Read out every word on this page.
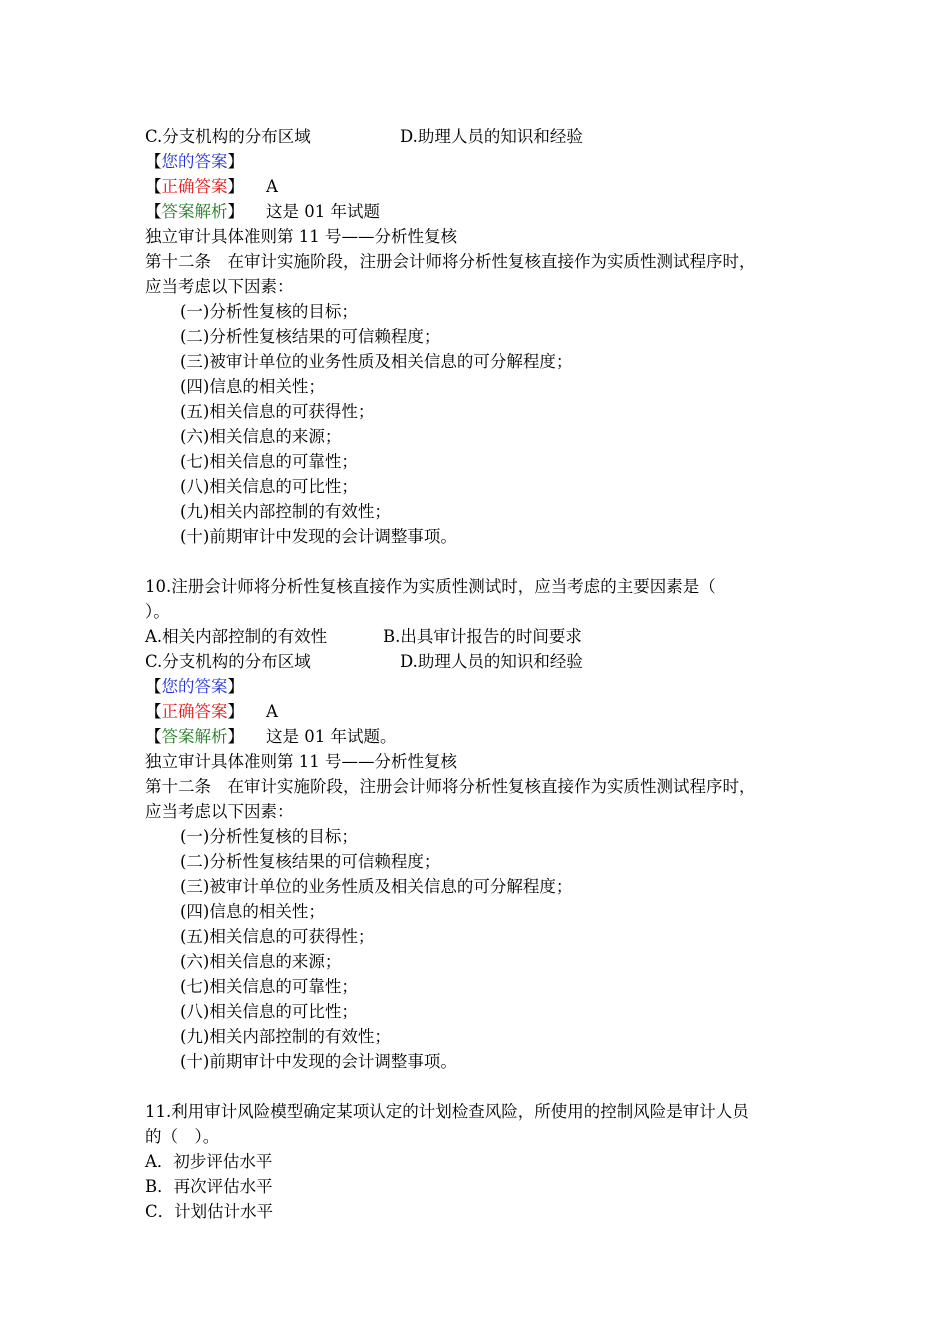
C.分支机构的分布区域	D.助理人员的知识和经验
【您的答案】
【正确答案】 A
【答案解析】 这是 01 年试题
独立审计具体准则第 11 号——分析性复核
第十二条　在审计实施阶段，注册会计师将分析性复核直接作为实质性测试程序时，
应当考虑以下因素：
(一)分析性复核的目标；
(二)分析性复核结果的可信赖程度；
(三)被审计单位的业务性质及相关信息的可分解程度；
(四)信息的相关性；
(五)相关信息的可获得性；
(六)相关信息的来源；
(七)相关信息的可靠性；
(八)相关信息的可比性；
(九)相关内部控制的有效性；
(十)前期审计中发现的会计调整事项。
10.注册会计师将分析性复核直接作为实质性测试时，应当考虑的主要因素是（
）。
A.相关内部控制的有效性	B.出具审计报告的时间要求
C.分支机构的分布区域	D.助理人员的知识和经验
【您的答案】
【正确答案】 A
【答案解析】 这是 01 年试题。
独立审计具体准则第 11 号——分析性复核
第十二条　在审计实施阶段，注册会计师将分析性复核直接作为实质性测试程序时，
应当考虑以下因素：
(一)分析性复核的目标；
(二)分析性复核结果的可信赖程度；
(三)被审计单位的业务性质及相关信息的可分解程度；
(四)信息的相关性；
(五)相关信息的可获得性；
(六)相关信息的来源；
(七)相关信息的可靠性；
(八)相关信息的可比性；
(九)相关内部控制的有效性；
(十)前期审计中发现的会计调整事项。
11.利用审计风险模型确定某项认定的计划检查风险，所使用的控制风险是审计人员
的（　）。
A．初步评估水平
B．再次评估水平
C．计划估计水平
